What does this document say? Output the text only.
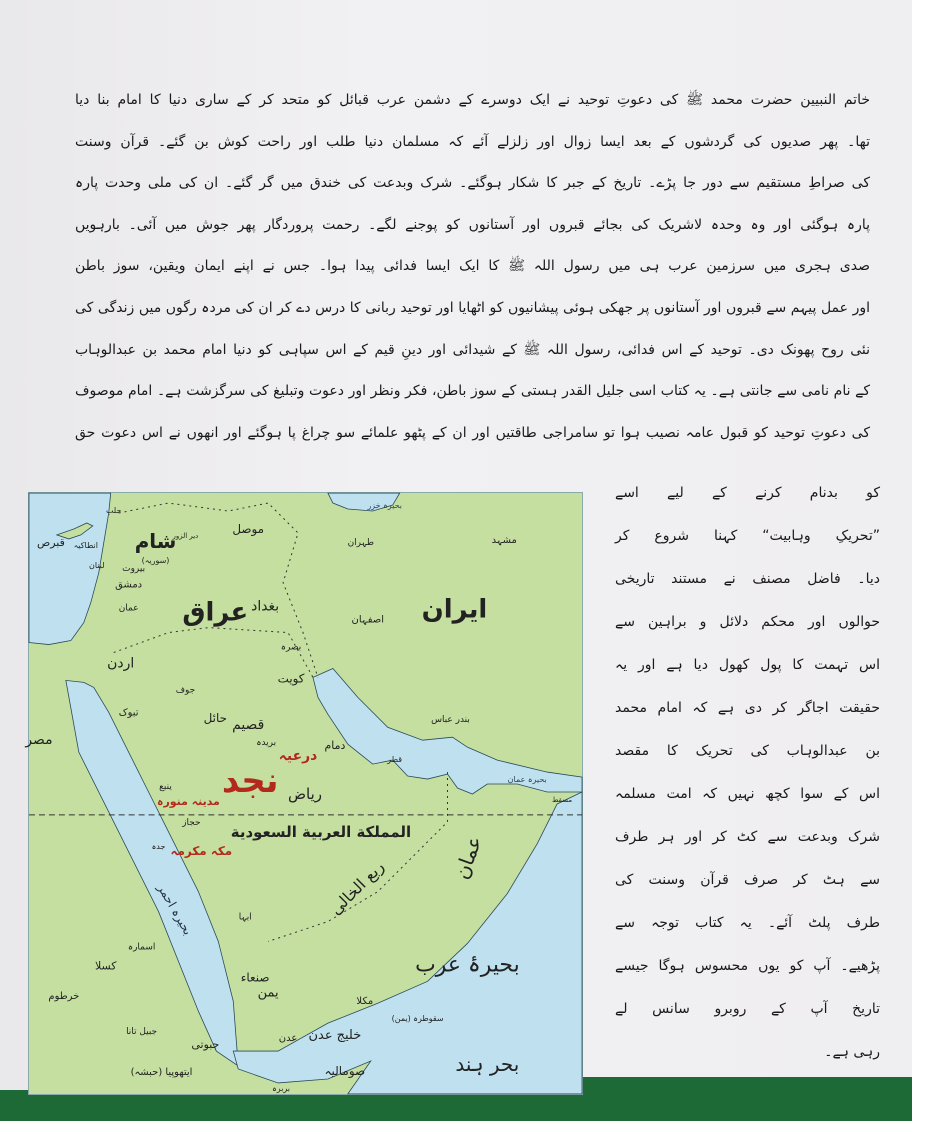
خاتم النبیین حضرت محمد ﷺ کی دعوتِ توحید نے ایک دوسرے کے دشمن عرب قبائل کو متحد کر کے ساری دنیا کا امام بنا دیا
تھا۔ پھر صدیوں کی گردشوں کے بعد ایسا زوال اور زلزلے آئے کہ مسلمان دنیا طلب اور راحت کوش بن گئے۔ قرآن وسنت
کی صراطِ مستقیم سے دور جا پڑے۔ تاریخ کے جبر کا شکار ہوگئے۔ شرک وبدعت کی خندق میں گر گئے۔ ان کی ملی وحدت پارہ
پارہ ہوگئی اور وہ وحدہ لاشریک کی بجائے قبروں اور آستانوں کو پوجنے لگے۔ رحمت پروردگار پھر جوش میں آئی۔ بارہویں
صدی ہجری میں سرزمین عرب ہی میں رسول اللہ ﷺ کا ایک ایسا فدائی پیدا ہوا۔ جس نے اپنے ایمان ویقین، سوز باطن
اور عمل پیہم سے قبروں اور آستانوں پر جھکی ہوئی پیشانیوں کو اٹھایا اور توحید ربانی کا درس دے کر ان کی مردہ رگوں میں زندگی کی
نئی روح پھونک دی۔ توحید کے اس فدائی، رسول اللہ ﷺ کے شیدائی اور دینِ قیم کے اس سپاہی کو دنیا امام محمد بن عبدالوہاب
کے نام نامی سے جانتی ہے۔ یہ کتاب اسی جلیل القدر ہستی کے سوز باطن، فکر ونظر اور دعوت وتبلیغ کی سرگزشت ہے۔ امام موصوف
کی دعوتِ توحید کو قبول عامہ نصیب ہوا تو سامراجی طاقتیں اور ان کے پٹھو علمائے سو چراغ پا ہوگئے اور انھوں نے اس دعوت حق
کو بدنام کرنے کے لیے اسے
”تحریکِ وہابیت“ کہنا شروع کر
دیا۔ فاضل مصنف نے مستند تاریخی
حوالوں اور محکم دلائل و براہین سے
اس تہمت کا پول کھول دیا ہے اور یہ
حقیقت اجاگر کر دی ہے کہ امام محمد
بن عبدالوہاب کی تحریک کا مقصد
اس کے سوا کچھ نہیں کہ امت مسلمہ
شرک وبدعت سے کٹ کر اور ہر طرف
سے ہٹ کر صرف قرآن وسنت کی
طرف پلٹ آئے۔ یہ کتاب توجہ سے
پڑھیے۔ آپ کو یوں محسوس ہوگا جیسے
تاریخ آپ کے روبرو سانس لے
رہی ہے۔
ایران
عراق بغداد
شام
(سوریہ)
موصل
طہران	مشہد
اصفہان
بصرہ
کویت
جوف
تبوک	حائل قصیم
بریدہ	دمام
درعیہ
ریاض
نجد
قبرص
اردن
عمان
دمشق
بیروت
لبنان
حلب
انطاکیہ
دیر الزور
مصر
ینبع
بندر عباس
بحیرہ خزر
قطر
بحیرہ عمان
مسقط
مدینہ منورہ
المملكة العربية السعودية
حجاز
مکہ مکرمہ
جدہ
ربع الخالی	عمان
بحیرہ احمر	ابہا
صنعاء
یمن
بحیرۂ عرب
مکلا
خلیج عدن
عدن
سقوطرہ (یمن)
بحر ہند
صومالیہ
جبوتی
ایتھوپیا (حبشہ)
جبیل تانا
کسلا
اسمارہ
خرطوم
بربرہ
